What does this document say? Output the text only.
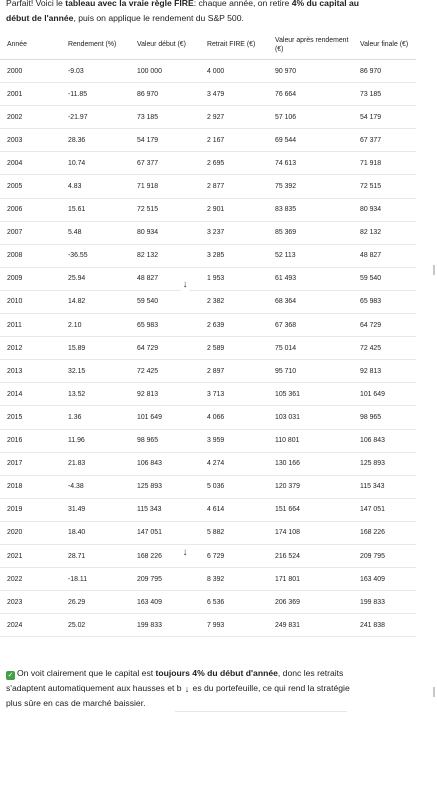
Parfait! Voici le tableau avec la vraie règle FIRE: chaque année, on retire 4% du capital au début de l'année, puis on applique le rendement du S&P 500.
Année	Rendement (%)	Valeur début (€)	Retrait FIRE (€)	Valeur après rendement (€)	Valeur finale (€)
2000	-9.03	100 000	4 000	90 970	86 970
2001	-11.85	86 970	3 479	76 664	73 185
2002	-21.97	73 185	2 927	57 106	54 179
2003	28.36	54 179	2 167	69 544	67 377
2004	10.74	67 377	2 695	74 613	71 918
2005	4.83	71 918	2 877	75 392	72 515
2006	15.61	72 515	2 901	83 835	80 934
2007	5.48	80 934	3 237	85 369	82 132
2008	-36.55	82 132	3 285	52 113	48 827
2009	25.94	48 827	1 953	61 493	59 540
2010	14.82	59 540	2 382	68 364	65 983
2011	2.10	65 983	2 639	67 368	64 729
2012	15.89	64 729	2 589	75 014	72 425
2013	32.15	72 425	2 897	95 710	92 813
2014	13.52	92 813	3 713	105 361	101 649
2015	1.36	101 649	4 066	103 031	98 965
2016	11.96	98 965	3 959	110 801	106 843
2017	21.83	106 843	4 274	130 166	125 893
2018	-4.38	125 893	5 036	120 379	115 343
2019	31.49	115 343	4 614	151 664	147 051
2020	18.40	147 051	5 882	174 108	168 226
2021	28.71	168 226	6 729	216 524	209 795
2022	-18.11	209 795	8 392	171 801	163 409
2023	26.29	163 409	6 536	206 369	199 833
2024	25.02	199 833	7 993	249 831	241 838
↓
↓
✓ On voit clairement que le capital est toujours 4% du début d'année, donc les retraits s'adaptent automatiquement aux hausses et b ↓ es du portefeuille, ce qui rend la stratégie plus sûre en cas de marché baissier.
